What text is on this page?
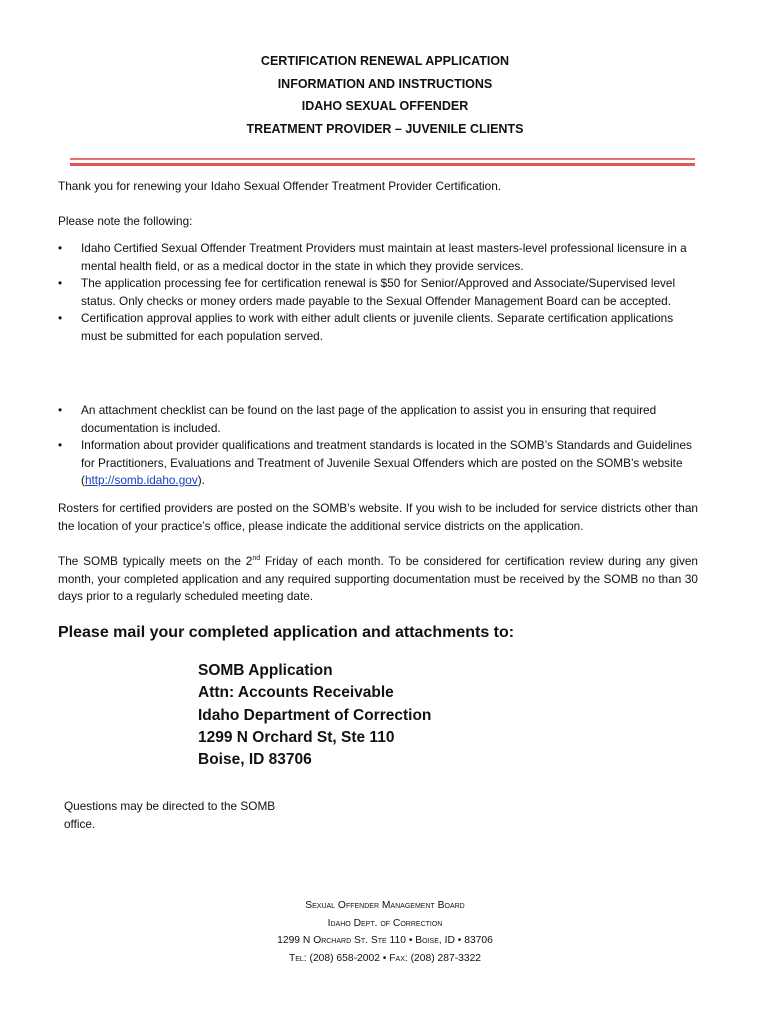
CERTIFICATION RENEWAL APPLICATION
INFORMATION AND INSTRUCTIONS
IDAHO SEXUAL OFFENDER
TREATMENT PROVIDER – JUVENILE CLIENTS
Thank you for renewing your Idaho Sexual Offender Treatment Provider Certification.
Please note the following:
• Idaho Certified Sexual Offender Treatment Providers must maintain at least masters-level professional licensure in a mental health field, or as a medical doctor in the state in which they provide services.
• The application processing fee for certification renewal is $50 for Senior/Approved and Associate/Supervised level status. Only checks or money orders made payable to the Sexual Offender Management Board can be accepted.
• Certification approval applies to work with either adult clients or juvenile clients. Separate certification applications must be submitted for each population served.
• An attachment checklist can be found on the last page of the application to assist you in ensuring that required documentation is included.
• Information about provider qualifications and treatment standards is located in the SOMB’s Standards and Guidelines for Practitioners, Evaluations and Treatment of Juvenile Sexual Offenders which are posted on the SOMB’s website (http://somb.idaho.gov).
Rosters for certified providers are posted on the SOMB’s website. If you wish to be included for service districts other than the location of your practice’s office, please indicate the additional service districts on the application.
The SOMB typically meets on the 2nd Friday of each month. To be considered for certification review during any given month, your completed application and any required supporting documentation must be received by the SOMB no than 30 days prior to a regularly scheduled meeting date.
Please mail your completed application and attachments to:
SOMB Application
Attn: Accounts Receivable
Idaho Department of Correction
1299 N Orchard St, Ste 110
Boise, ID 83706
Questions may be directed to the SOMB office.
Sexual Offender Management Board
Idaho Dept. of Correction
1299 N Orchard St. Ste 110 • Boise, ID • 83706
Tel: (208) 658-2002 • Fax: (208) 287-3322
